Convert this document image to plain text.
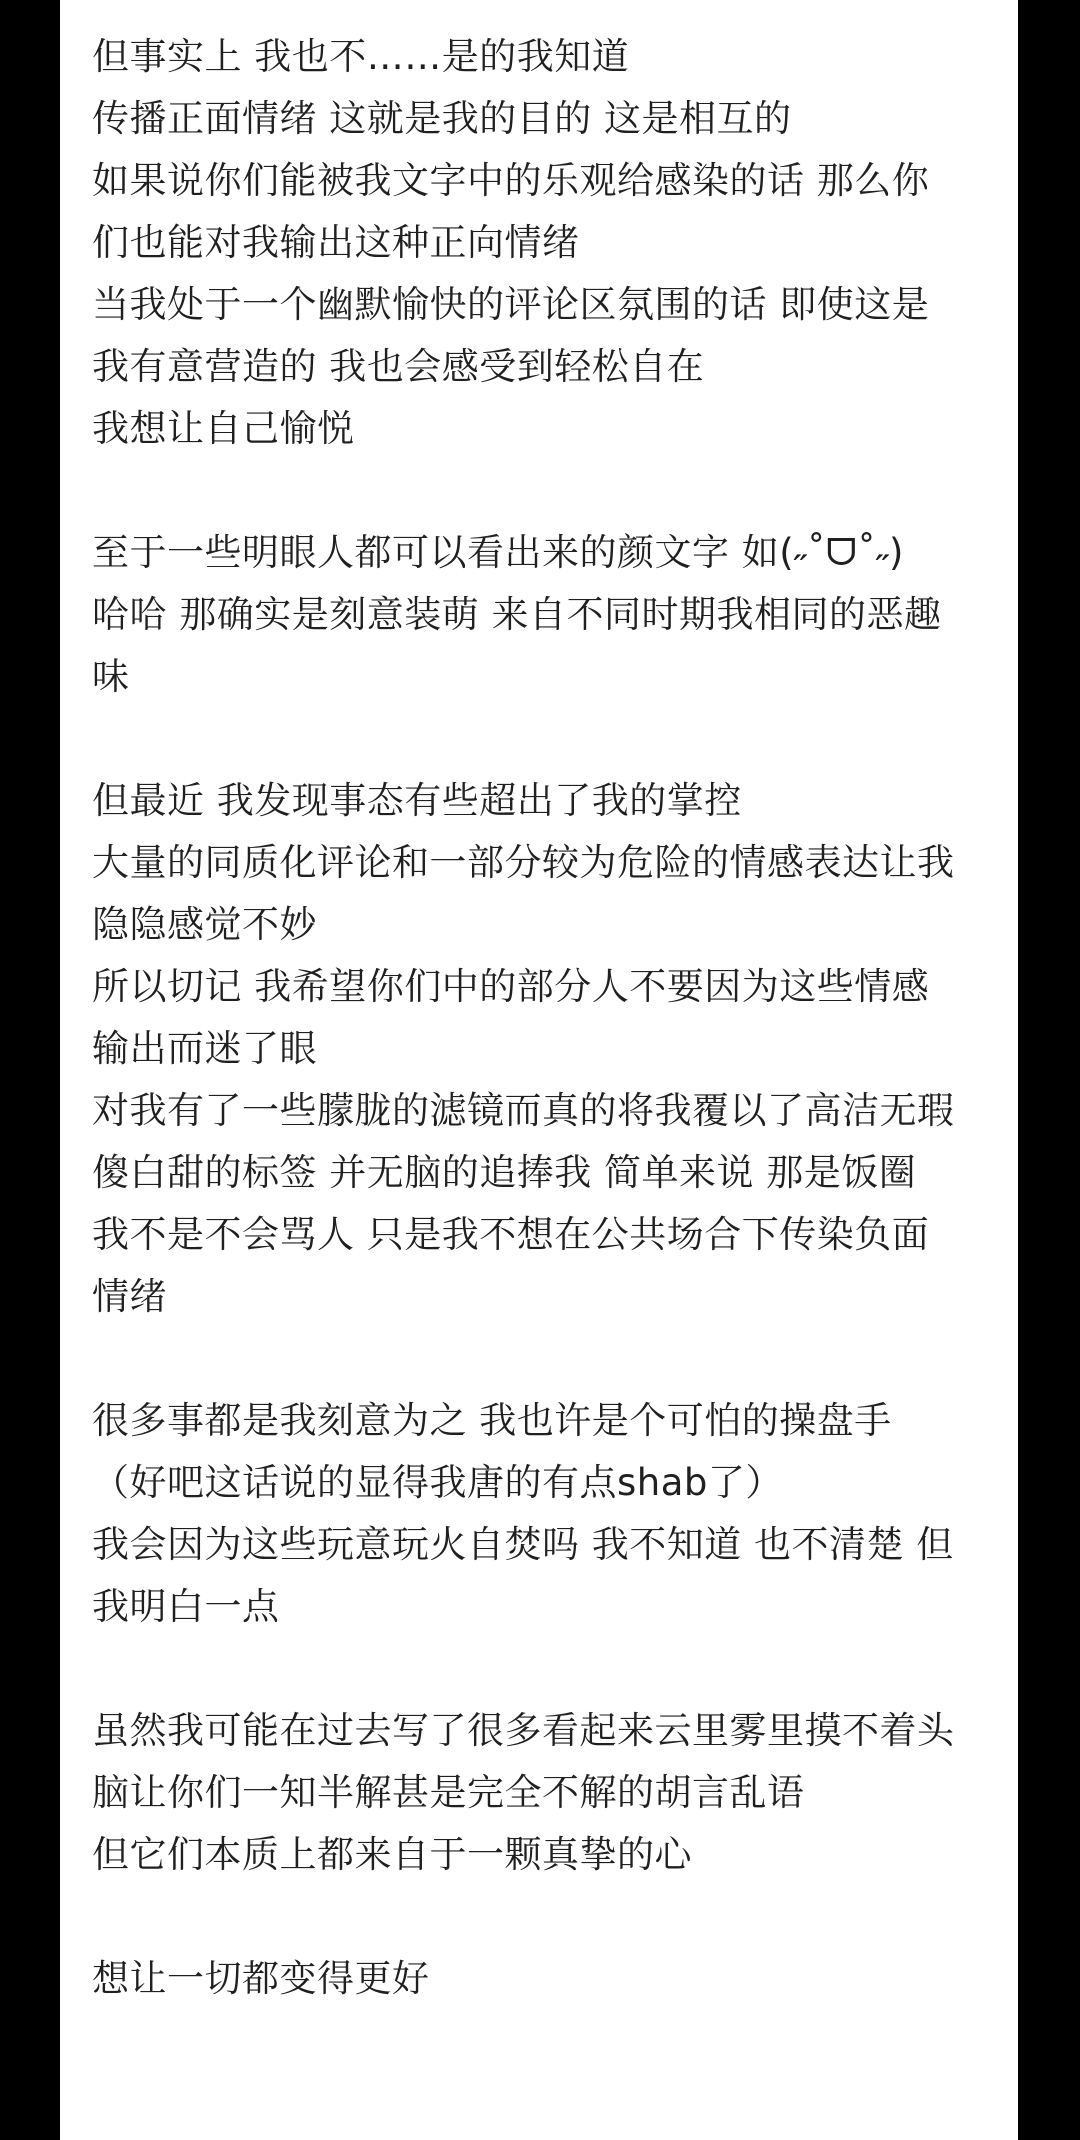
但事实上 我也不……是的我知道
传播正面情绪 这就是我的目的 这是相互的
如果说你们能被我文字中的乐观给感染的话 那么你
们也能对我输出这种正向情绪
当我处于一个幽默愉快的评论区氛围的话 即使这是
我有意营造的 我也会感受到轻松自在
我想让自己愉悦
至于一些明眼人都可以看出来的颜文字 如(˶˚ᗜ˚˶)
哈哈 那确实是刻意装萌 来自不同时期我相同的恶趣
味
但最近 我发现事态有些超出了我的掌控
大量的同质化评论和一部分较为危险的情感表达让我
隐隐感觉不妙
所以切记 我希望你们中的部分人不要因为这些情感
输出而迷了眼
对我有了一些朦胧的滤镜而真的将我覆以了高洁无瑕
傻白甜的标签 并无脑的追捧我 简单来说 那是饭圈
我不是不会骂人 只是我不想在公共场合下传染负面
情绪
很多事都是我刻意为之 我也许是个可怕的操盘手
（好吧这话说的显得我唐的有点shab了）
我会因为这些玩意玩火自焚吗 我不知道 也不清楚 但
我明白一点
虽然我可能在过去写了很多看起来云里雾里摸不着头
脑让你们一知半解甚是完全不解的胡言乱语
但它们本质上都来自于一颗真挚的心
想让一切都变得更好
